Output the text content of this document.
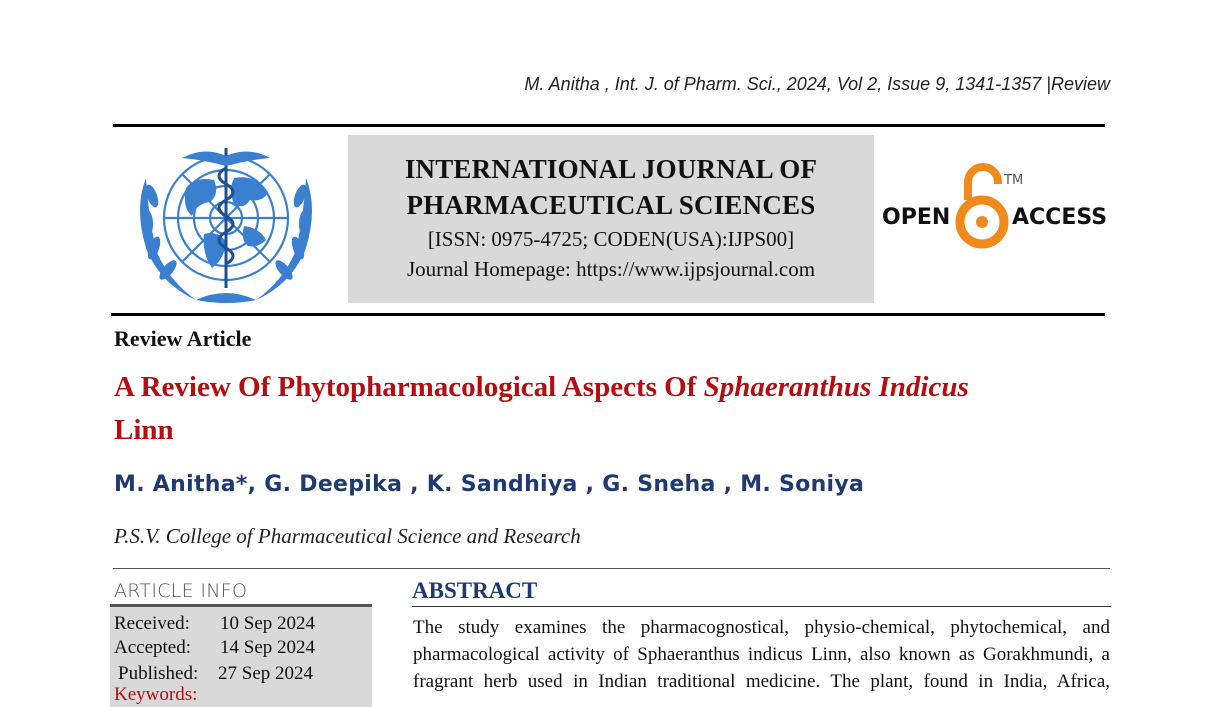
M. Anitha , Int. J. of Pharm. Sci., 2024, Vol 2, Issue 9, 1341-1357 |Review
INTERNATIONAL JOURNAL OF
PHARMACEUTICAL SCIENCES
[ISSN: 0975-4725; CODEN(USA):IJPS00]
Journal Homepage: https://www.ijpsjournal.com
OPEN	ACCESS
TM
Review Article
A Review Of Phytopharmacological Aspects Of Sphaeranthus Indicus
Linn
M. Anitha*, G. Deepika , K. Sandhiya , G. Sneha , M. Soniya
P.S.V. College of Pharmaceutical Science and Research
ARTICLE INFO
Received: 10 Sep 2024
Accepted: 14 Sep 2024
Published: 27 Sep 2024
Keywords:
ABSTRACT
The study examines the pharmacognostical, physio-chemical, phytochemical, and
pharmacological activity of Sphaeranthus indicus Linn, also known as Gorakhmundi, a
fragrant herb used in Indian traditional medicine. The plant, found in India, Africa,
